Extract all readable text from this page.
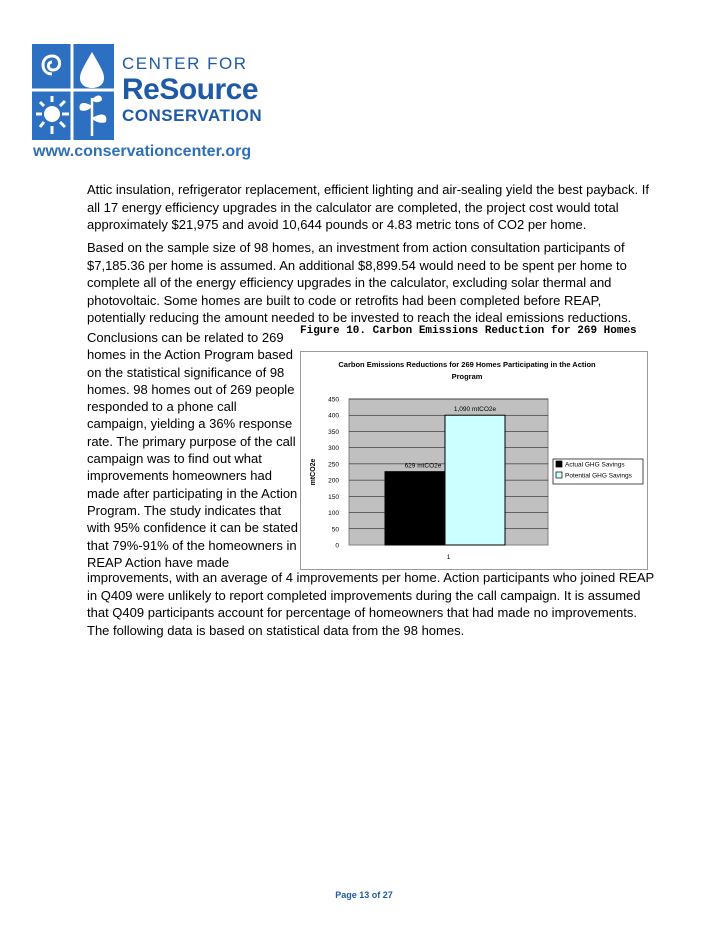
CENTER FOR
ReSource
CONSERVATION
www.conservationcenter.org
Attic insulation, refrigerator replacement, efficient lighting and air-sealing yield the best payback. If all 17 energy efficiency upgrades in the calculator are completed, the project cost would total approximately $21,975 and avoid 10,644 pounds or 4.83 metric tons of CO2 per home.
Based on the sample size of 98 homes, an investment from action consultation participants of $7,185.36 per home is assumed. An additional $8,899.54 would need to be spent per home to complete all of the energy efficiency upgrades in the calculator, excluding solar thermal and photovoltaic. Some homes are built to code or retrofits had been completed before REAP, potentially reducing the amount needed to be invested to reach the ideal emissions reductions.
Conclusions can be related to 269 homes in the Action Program based on the statistical significance of 98 homes. 98 homes out of 269 people responded to a phone call campaign, yielding a 36% response rate. The primary purpose of the call campaign was to find out what improvements homeowners had made after participating in the Action Program. The study indicates that with 95% confidence it can be stated that 79%-91% of the homeowners in REAP Action have made
improvements, with an average of 4 improvements per home. Action participants who joined REAP in Q409 were unlikely to report completed improvements during the call campaign. It is assumed that Q409 participants account for percentage of homeowners that had made no improvements. The following data is based on statistical data from the 98 homes.
Figure 10. Carbon Emissions Reduction for 269 Homes
0
50
100
150
200
250
300
350
400
450
mtCO2e	629 mtCO2e
1,090 mtCO2e
1
Actual GHG Savings
Potential GHG Savings
Carbon Emissions Reductions for 269 Homes Participating in the Action Program
Page 13 of 27
